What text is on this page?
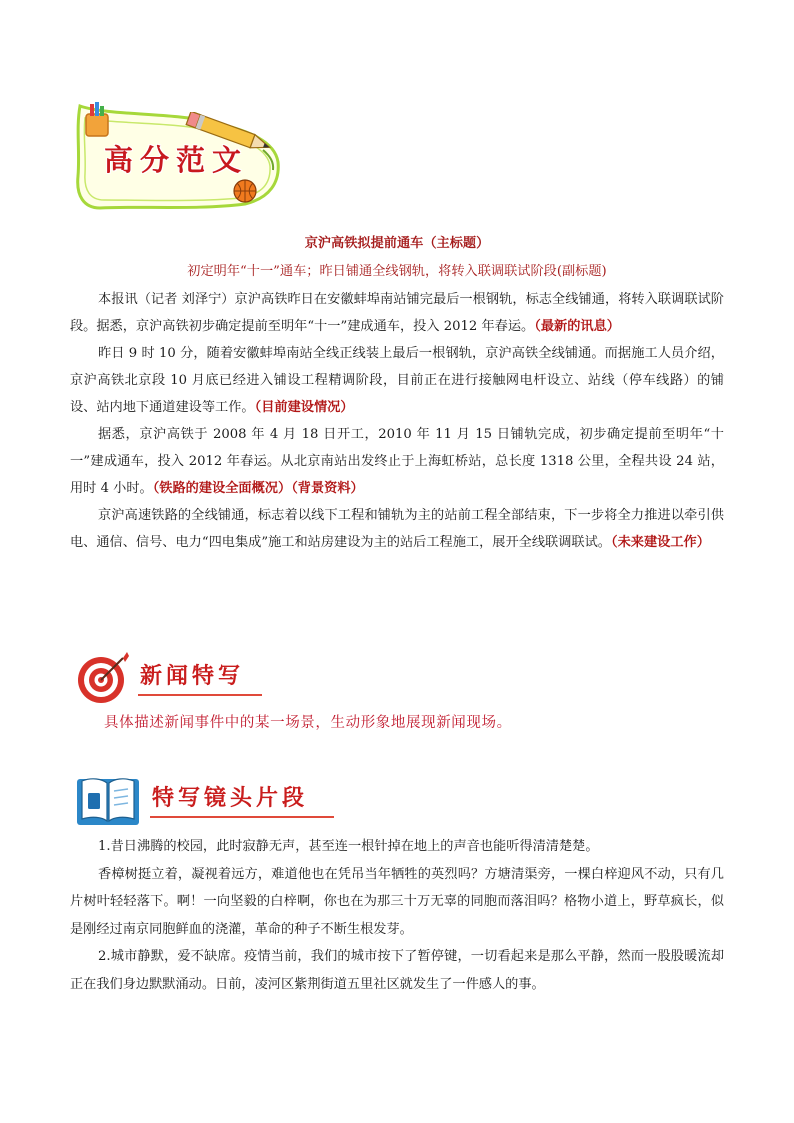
高分范文
京沪高铁拟提前通车（主标题）
初定明年“十一”通车；昨日铺通全线钢轨，将转入联调联试阶段(副标题)

本报讯（记者 刘泽宁）京沪高铁昨日在安徽蚌埠南站铺完最后一根钢轨，标志全线铺通，将转入联调联试阶段。据悉，京沪高铁初步确定提前至明年“十一”建成通车，投入 2012 年春运。（最新的讯息）

昨日 9 时 10 分，随着安徽蚌埠南站全线正线装上最后一根钢轨，京沪高铁全线铺通。而据施工人员介绍，京沪高铁北京段 10 月底已经进入铺设工程精调阶段，目前正在进行接触网电杆设立、站线（停车线路）的铺设、站内地下通道建设等工作。（目前建设情况）

据悉，京沪高铁于 2008 年 4 月 18 日开工，2010 年 11 月 15 日铺轨完成，初步确定提前至明年“十一”建成通车，投入 2012 年春运。从北京南站出发终止于上海虹桥站，总长度 1318 公里，全程共设 24 站，用时 4 小时。（铁路的建设全面概况）（背景资料）

京沪高速铁路的全线铺通，标志着以线下工程和铺轨为主的站前工程全部结束，下一步将全力推进以牵引供电、通信、信号、电力“四电集成”施工和站房建设为主的站后工程施工，展开全线联调联试。（未来建设工作）

新闻特写
具体描述新闻事件中的某一场景，生动形象地展现新闻现场。
特写镜头片段

1.昔日沸腾的校园，此时寂静无声，甚至连一根针掉在地上的声音也能听得清清楚楚。

香樟树挺立着，凝视着远方，难道他也在凭吊当年牺牲的英烈吗？方塘清渠旁，一棵白梓迎风不动，只有几片树叶轻轻落下。啊！一向坚毅的白梓啊，你也在为那三十万无辜的同胞而落泪吗？格物小道上，野草疯长，似是刚经过南京同胞鲜血的浇灌，革命的种子不断生根发芽。

2.城市静默，爱不缺席。疫情当前，我们的城市按下了暂停键，一切看起来是那么平静，然而一股股暖流却正在我们身边默默涌动。日前，凌河区紫荆街道五里社区就发生了一件感人的事。
